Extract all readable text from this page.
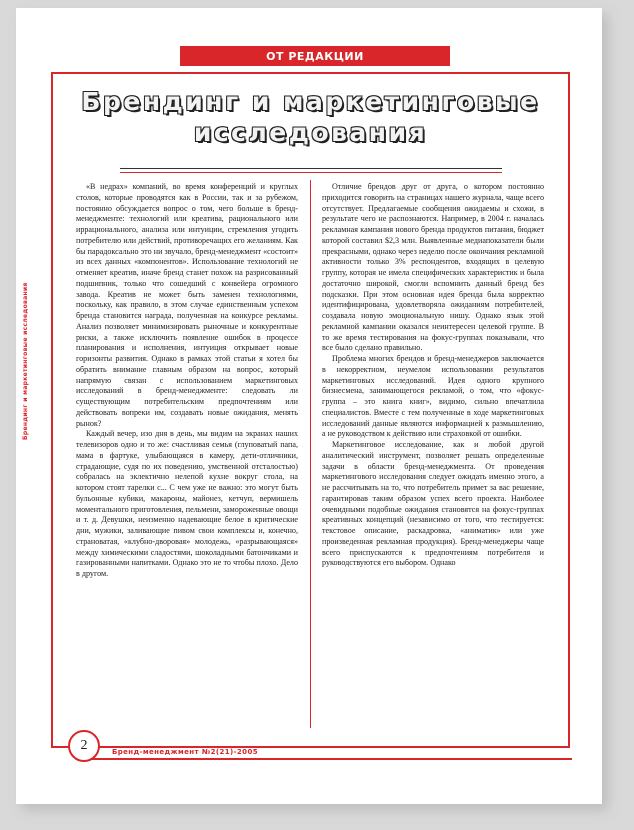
ОТ РЕДАКЦИИ
Брендинг и маркетинговые
исследования

«В недрах» компаний, во время конференций и круглых столов, которые проводятся как в России, так и за рубежом, постоянно обсуждается вопрос о том, чего больше в бренд-менеджменте: технологий или креатива, рационального или иррационального, анализа или интуиции, стремления угодить потребителю или действий, противоречащих его желаниям. Как бы парадоксально это ни звучало, бренд-менеджмент «состоит» из всех данных «компонентов». Использование технологий не отменяет креатив, иначе бренд станет похож на разрисованный подшипник, только что сошедший с конвейера огромного завода. Креатив не может быть заменен технологиями, поскольку, как правило, в этом случае единственным успехом бренда становится награда, полученная на конкурсе рекламы. Анализ позволяет минимизировать рыночные и конкурентные риски, а также исключить появление ошибок в процессе планирования и исполнения, интуиция открывает новые горизонты развития. Однако в рамках этой статьи я хотел бы обратить внимание главным образом на вопрос, который напрямую связан с использованием маркетинговых исследований в бренд-менеджменте: следовать ли существующим потребительским предпочтениям или действовать вопреки им, создавать новые ожидания, менять рынок?

Каждый вечер, изо дня в день, мы видим на экранах наших телевизоров одно и то же: счастливая семья (глуповатый папа, мама в фартуке, улыбающаяся в камеру, дети-отличники, страдающие, судя по их поведению, умственной отсталостью) собралась на эклектично нелепой кухне вокруг стола, на котором стоят тарелки с... С чем уже не важно: это могут быть бульонные кубики, макароны, майонез, кетчуп, вермишель моментального приготовления, пельмени, замороженные овощи и т. д. Девушки, неизменно надевающие белое в критические дни, мужики, заливающие пивом свои комплексы и, конечно, страноватая, «клубно-дворовая» молодежь, «разрывающаяся» между химическими сладостями, шоколадными батончиками и газированными напитками. Однако это не то чтобы плохо. Дело в другом.

Отличие брендов друг от друга, о котором постоянно приходится говорить на страницах нашего журнала, чаще всего отсутствует. Предлагаемые сообщения ожидаемы и схожи, в результате чего не распознаются. Например, в 2004 г. началась рекламная кампания нового бренда продуктов питания, бюджет которой составил $2,3 млн. Выявленные медиапоказатели были прекрасными, однако через неделю после окончания рекламной активности только 3% респондентов, входящих в целевую группу, которая не имела специфических характеристик и была достаточно широкой, смогли вспомнить данный бренд без подсказки. При этом основная идея бренда была корректно идентифицирована, удовлетворяла ожиданиям потребителей, создавала новую эмоциональную нишу. Однако язык этой рекламной кампании оказался неинтересен целевой группе. В то же время тестирования на фокус-группах показывали, что все было сделано правильно.

Проблема многих брендов и бренд-менеджеров заключается в некорректном, неумелом использовании результатов маркетинговых исследований. Идея одного крупного бизнесмена, занимающегося рекламой, о том, что «фокус-группа – это книга книг», видимо, сильно впечатлила специалистов. Вместе с тем полученные в ходе маркетинговых исследований данные являются информацией к размышлению, а не руководством к действию или страховкой от ошибки.

Маркетинговое исследование, как и любой другой аналитический инструмент, позволяет решать определенные задачи в области бренд-менеджмента. От проведения маркетингового исследования следует ожидать именно этого, а не рассчитывать на то, что потребитель примет за вас решение, гарантировав таким образом успех всего проекта. Наиболее очевидными подобные ожидания становятся на фокус-группах креативных концепций (независимо от того, что тестируется: текстовое описание, раскадровка, «аниматик» или уже произведенная рекламная продукция). Бренд-менеджеры чаще всего приспускаются к предпочтениям потребителя и руководствуются его выбором. Однако

Брендинг и маркетинговые исследования
2	Бренд-менеджмент №2(21)-2005
